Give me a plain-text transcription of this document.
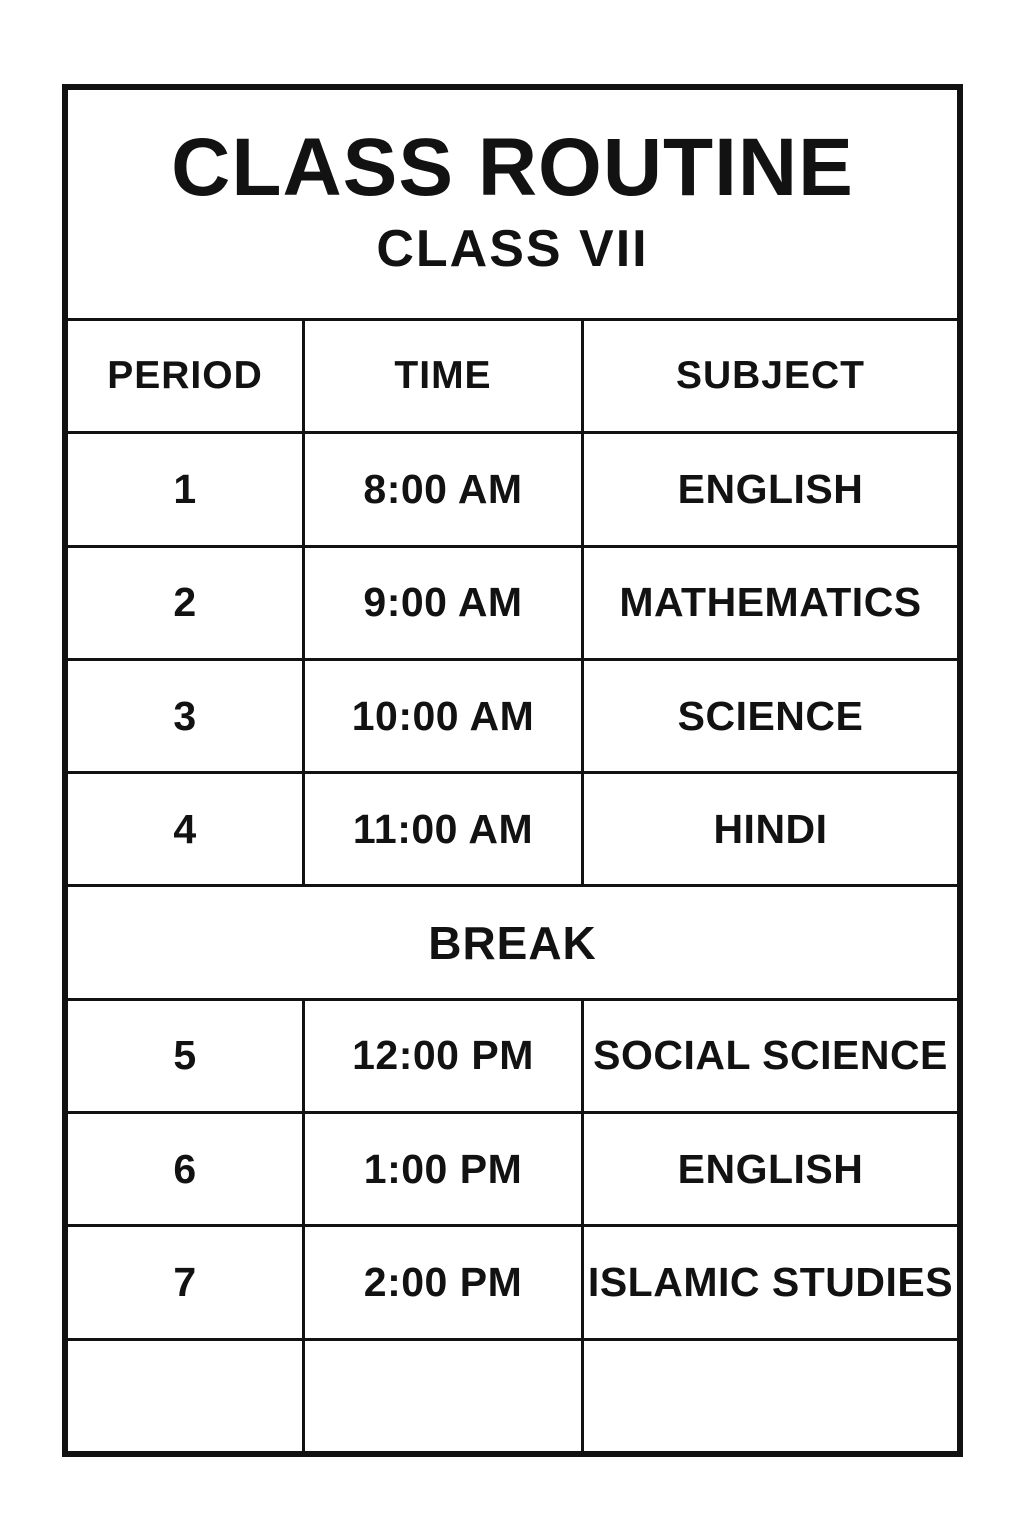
CLASS ROUTINE
CLASS VII
PERIOD	TIME	SUBJECT
1	8:00 AM	ENGLISH
2	9:00 AM	MATHEMATICS
3	10:00 AM	SCIENCE
4	11:00 AM	HINDI
BREAK
5	12:00 PM	SOCIAL SCIENCE
6	1:00 PM	ENGLISH
7	2:00 PM	ISLAMIC STUDIES
